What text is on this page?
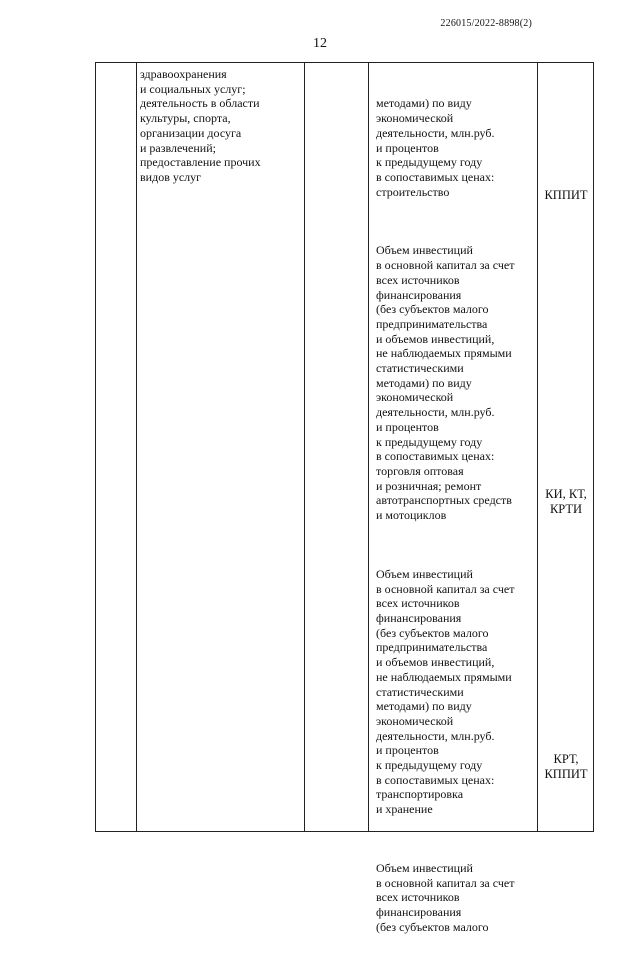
226015/2022-8898(2)
12
здравоохранения
и социальных услуг;
деятельность в области
культуры, спорта,
организации досуга
и развлечений;
предоставление прочих
видов услуг

методами) по виду
экономической
деятельности, млн.руб.
и процентов
к предыдущему году
в сопоставимых ценах:
строительство

Объем инвестиций
в основной капитал за счет
всех источников
финансирования
(без субъектов малого
предпринимательства
и объемов инвестиций,
не наблюдаемых прямыми
статистическими
методами) по виду
экономической
деятельности, млн.руб.
и процентов
к предыдущему году
в сопоставимых ценах:
торговля оптовая
и розничная; ремонт
автотранспортных средств
и мотоциклов

Объем инвестиций
в основной капитал за счет
всех источников
финансирования
(без субъектов малого
предпринимательства
и объемов инвестиций,
не наблюдаемых прямыми
статистическими
методами) по виду
экономической
деятельности, млн.руб.
и процентов
к предыдущему году
в сопоставимых ценах:
транспортировка
и хранение

Объем инвестиций
в основной капитал за счет
всех источников
финансирования
(без субъектов малого

КППИТ
КИ, КТ,
КРТИ
КРТ,
КППИТ
